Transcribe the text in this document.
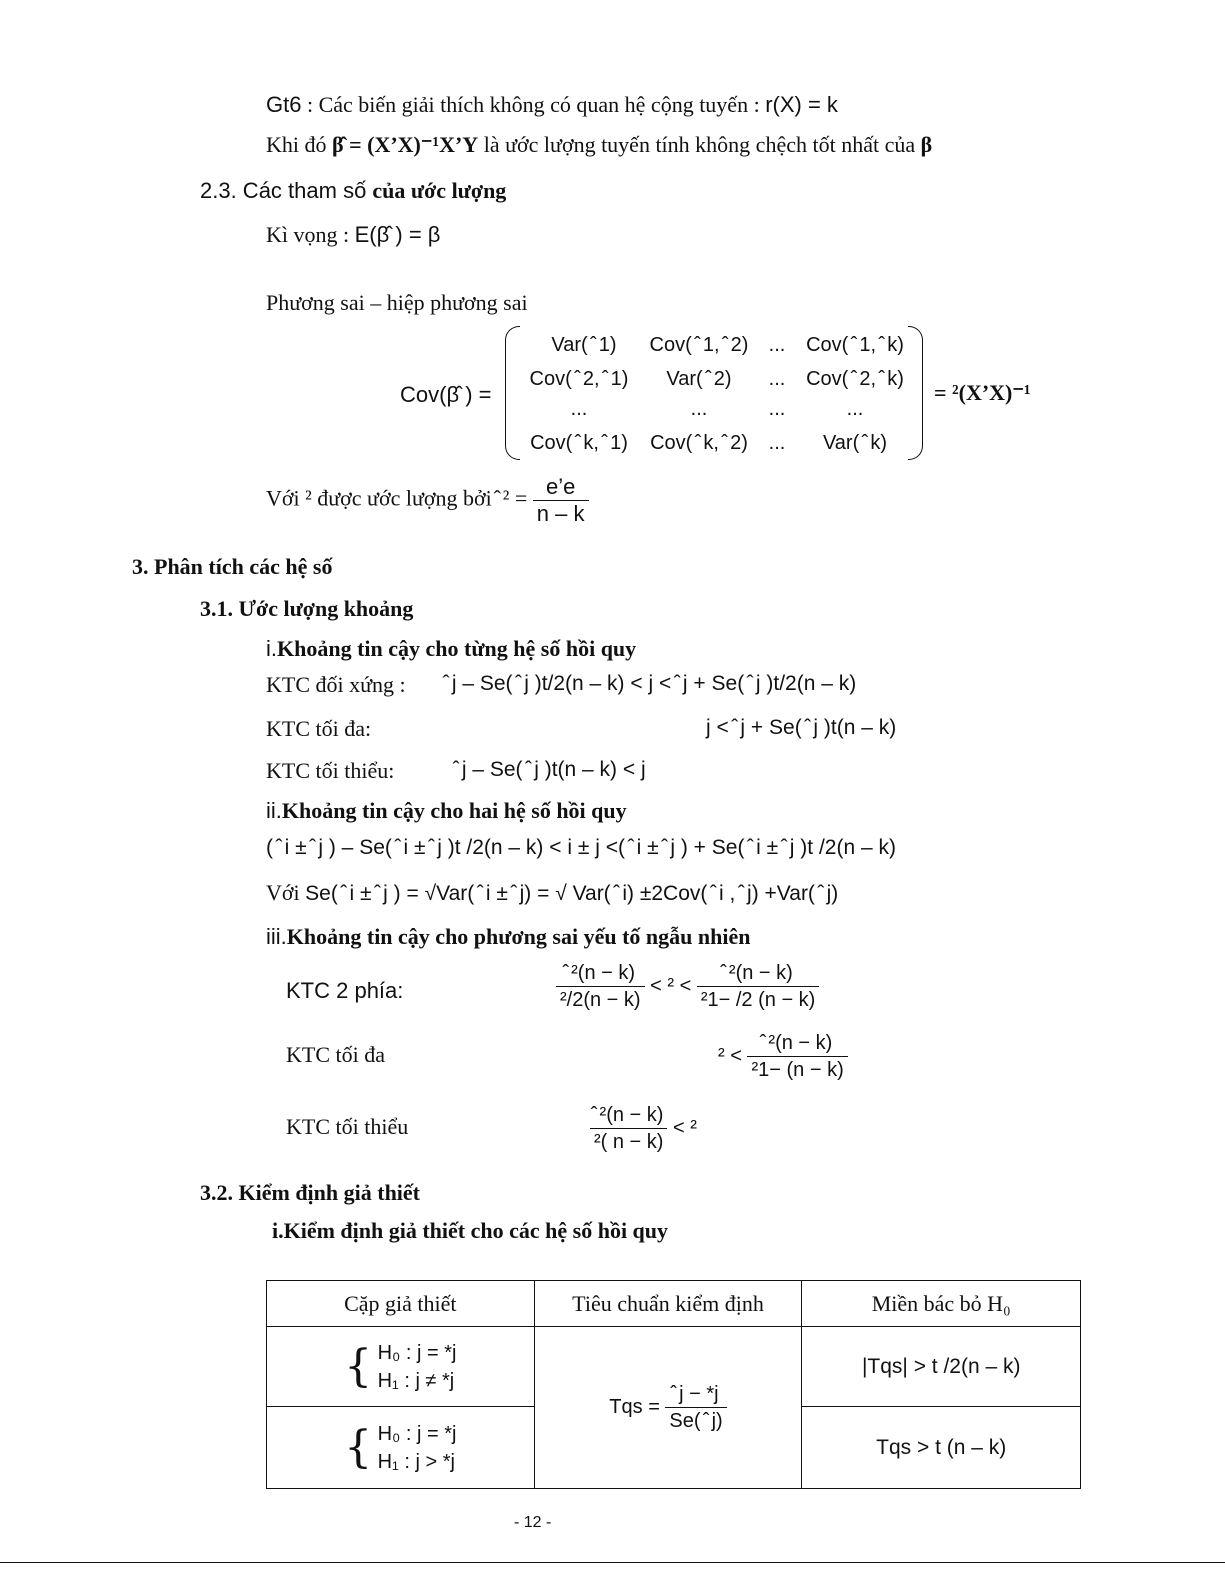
Gt6 : Các biến giải thích không có quan hệ cộng tuyến : r(X) = k
Khi đó β̂ = (X’X)⁻¹X’Y là ước lượng tuyến tính không chệch tốt nhất của β
2.3. Các tham số của ước lượng
Kì vọng : E(β̂ ) = β
Phương sai – hiệp phương sai
Cov(β̂ ) =
Var( ̂ 1)	Cov( ̂ 1, ̂ 2)	...	Cov( ̂ 1, ̂ k)
Cov( ̂ 2, ̂ 1)	Var( ̂ 2)	...	Cov( ̂ 2, ̂ k)
...	...	...	...
Cov( ̂ k, ̂ 1)	Cov( ̂ k, ̂ 2)	...	Var( ̂ k)
= ²(X’X)⁻¹
Với ² được ước lượng bởi ̂ $^2 = \frac{e’e}{n - k}$
3. Phân tích các hệ số
3.1. Ước lượng khoảng
i.Khoảng tin cậy cho từng hệ số hồi quy
KTC đối xứng : ̂ j – Se( ̂ j )t/2(n – k) < j < ̂ j + Se( ̂ j )t/2(n – k)
KTC tối đa:	j < ̂ j + Se( ̂ j )t(n – k)
KTC tối thiểu:	̂ j – Se( ̂ j )t(n – k) < j
ii.Khoảng tin cậy cho hai hệ số hồi quy
( ̂ i ± ̂ j ) – Se( ̂ i ± ̂ j )t /2(n – k) < i ± j <( ̂ i ± ̂ j ) + Se( ̂ i ± ̂ j )t /2(n – k)
Với Se( ̂ i ± ̂ j ) = √Var( ̂ i ± ̂ j) = √ Var( ̂ i) ±2Cov( ̂ i , ̂ j) +Var( ̂ j)
iii.Khoảng tin cậy cho phương sai yếu tố ngẫu nhiên
KTC 2 phía:	$\frac{\text{̂ ²(n − k)}}{\text{²/2(n − k)}} < ^2 < \frac{\text{̂ ²(n − k)}}{\text{²1− /2 (n − k)}}$
KTC tối đa	$^2 < \frac{\text{̂ ²(n − k)}}{\text{²1− (n − k)}}$
KTC tối thiểu	$\frac{\text{̂ ²(n − k)}}{\text{²( n − k)}} < ^2$
3.2. Kiểm định giả thiết
i.Kiểm định giả thiết cho các hệ số hồi quy
Cặp giả thiết	Tiêu chuẩn kiểm định	Miền bác bỏ H₀
{ H₀ : j = *j
H₁ : j ≠ *j	Tqs = $\frac{̂ j - *j}{Se( ̂ j)}$	|Tqs| > t /2(n – k)
{ H₀ : j = *j
H₁ : j > *j		Tqs > t (n – k)
- 12 -
